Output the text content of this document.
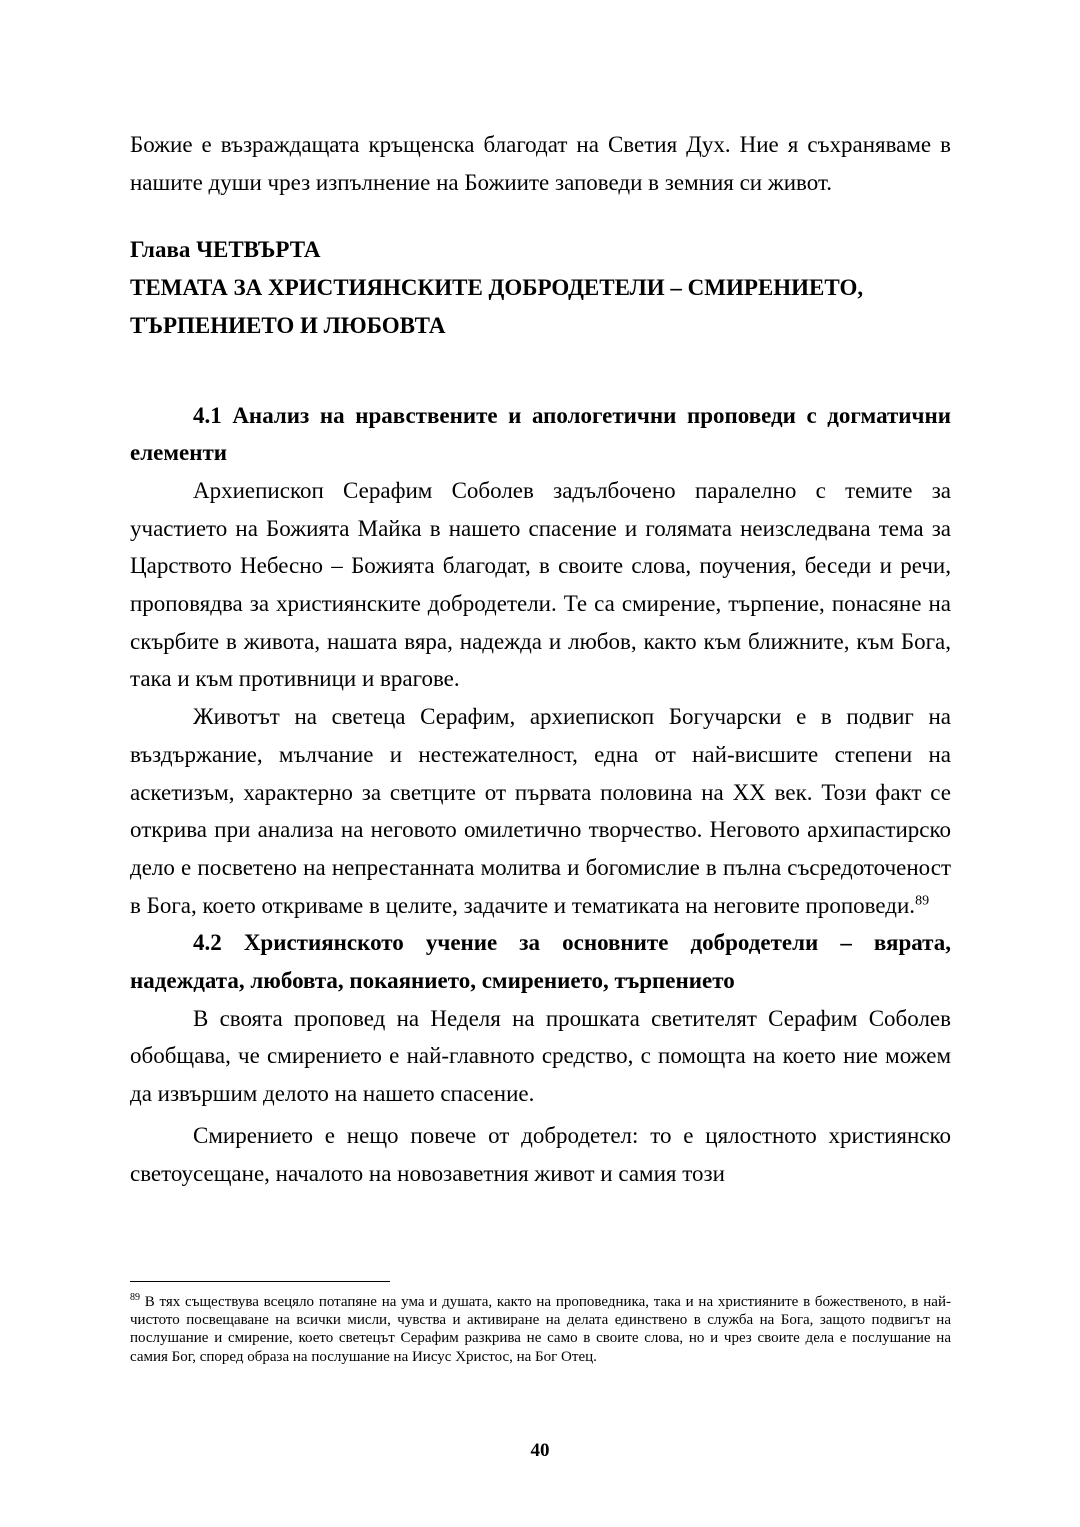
Божие е възраждащата кръщенска благодат на Светия Дух. Ние я съхраняваме в нашите души чрез изпълнение на Божиите заповеди в земния си живот.

Глава ЧЕТВЪРТА
ТЕМАТА ЗА ХРИСТИЯНСКИТЕ ДОБРОДЕТЕЛИ – СМИРЕНИЕТО, ТЪРПЕНИЕТО И ЛЮБОВТА

4.1 Анализ на нравствените и апологетични проповеди с догматични елементи

Архиепископ Серафим Соболев задълбочено паралелно с темите за участието на Божията Майка в нашето спасение и голямата неизследвана тема за Царството Небесно – Божията благодат, в своите слова, поучения, беседи и речи, проповядва за християнските добродетели. Те са смирение, търпение, понасяне на скърбите в живота, нашата вяра, надежда и любов, както към ближните, към Бога, така и към противници и врагове.

Животът на светеца Серафим, архиепископ Богучарски е в подвиг на въздържание, мълчание и нестежателност, една от най-висшите степени на аскетизъм, характерно за светците от първата половина на ХХ век. Този факт се открива при анализа на неговото омилетично творчество. Неговото архипастирско дело е посветено на непрестанната молитва и богомислие в пълна съсредоточеност в Бога, което откриваме в целите, задачите и тематиката на неговите проповеди.$^{89}$

4.2 Християнското учение за основните добродетели – вярата, надеждата, любовта, покаянието, смирението, търпението

В своята проповед на Неделя на прошката светителят Серафим Соболев обобщава, че смирението е най-главното средство, с помощта на което ние можем да извършим делото на нашето спасение.

Смирението е нещо повече от добродетел: то е цялостното християнско светоусещане, началото на новозаветния живот и самия този

$^{89}$ В тях съществува всецяло потапяне на ума и душата, както на проповедника, така и на християните в божественото, в най-чистото посвещаване на всички мисли, чувства и активиране на делата единствено в служба на Бога, защото подвигът на послушание и смирение, което светецът Серафим разкрива не само в своите слова, но и чрез своите дела е послушание на самия Бог, според образа на послушание на Иисус Христос, на Бог Отец.

40
